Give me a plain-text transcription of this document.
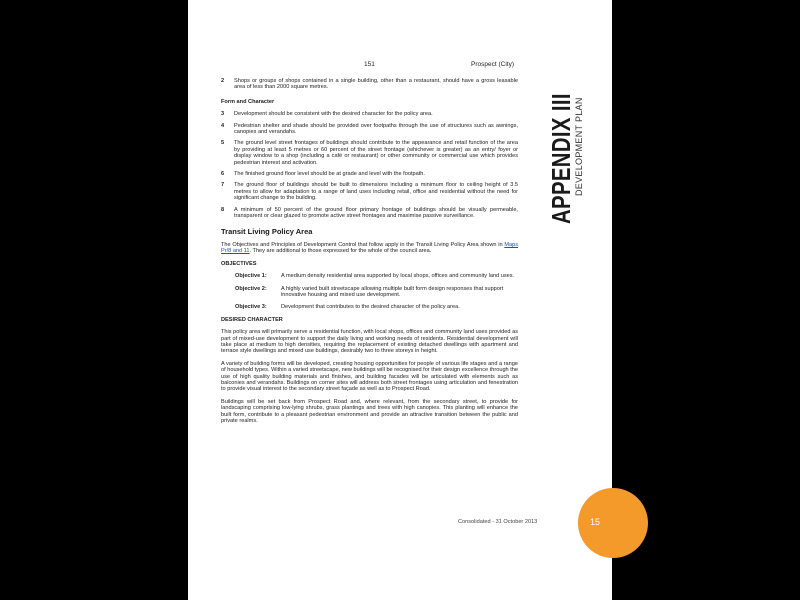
151	Prospect (City)
APPENDIX III
DEVELOPMENT PLAN
2	Shops or groups of shops contained in a single building, other than a restaurant, should have a gross leasable area of less than 2000 square metres.
Form and Character
3	Development should be consistent with the desired character for the policy area.
4	Pedestrian shelter and shade should be provided over footpaths through the use of structures such as awnings, canopies and verandahs.
5	The ground level street frontages of buildings should contribute to the appearance and retail function of the area by providing at least 5 metres or 60 percent of the street frontage (whichever is greater) as an entry/ foyer or display window to a shop (including a café or restaurant) or other community or commercial use which provides pedestrian interest and activation.
6	The finished ground floor level should be at grade and level with the footpath.
7	The ground floor of buildings should be built to dimensions including a minimum floor to ceiling height of 3.5 metres to allow for adaptation to a range of land uses including retail, office and residential without the need for significant change to the building.
8	A minimum of 50 percent of the ground floor primary frontage of buildings should be visually permeable, transparent or clear glazed to promote active street frontages and maximise passive surveillance.
Transit Living Policy Area
The Objectives and Principles of Development Control that follow apply in the Transit Living Policy Area shown in Maps Pr/8 and 11. They are additional to those expressed for the whole of the council area.
OBJECTIVES
Objective 1:	A medium density residential area supported by local shops, offices and community land uses.
Objective 2:	A highly varied built streetscape allowing multiple built form design responses that support innovative housing and mixed use development.
Objective 3:	Development that contributes to the desired character of the policy area.
DESIRED CHARACTER
This policy area will primarily serve a residential function, with local shops, offices and community land uses provided as part of mixed-use development to support the daily living and working needs of residents. Residential development will take place at medium to high densities, requiring the replacement of existing detached dwellings with apartment and terrace style dwellings and mixed use buildings, desirably two to three storeys in height.
A variety of building forms will be developed, creating housing opportunities for people of various life stages and a range of household types. Within a varied streetscape, new buildings will be recognised for their design excellence through the use of high quality building materials and finishes, and building facades will be articulated with elements such as balconies and verandahs. Buildings on corner sites will address both street frontages using articulation and fenestration to provide visual interest to the secondary street façade as well as to Prospect Road.
Buildings will be set back from Prospect Road and, where relevant, from the secondary street, to provide for landscaping comprising low-lying shrubs, grass plantings and trees with high canopies. This planting will enhance the built form, contribute to a pleasant pedestrian environment and provide an attractive transition between the public and private realms.
Consolidated - 31 October 2013	15
